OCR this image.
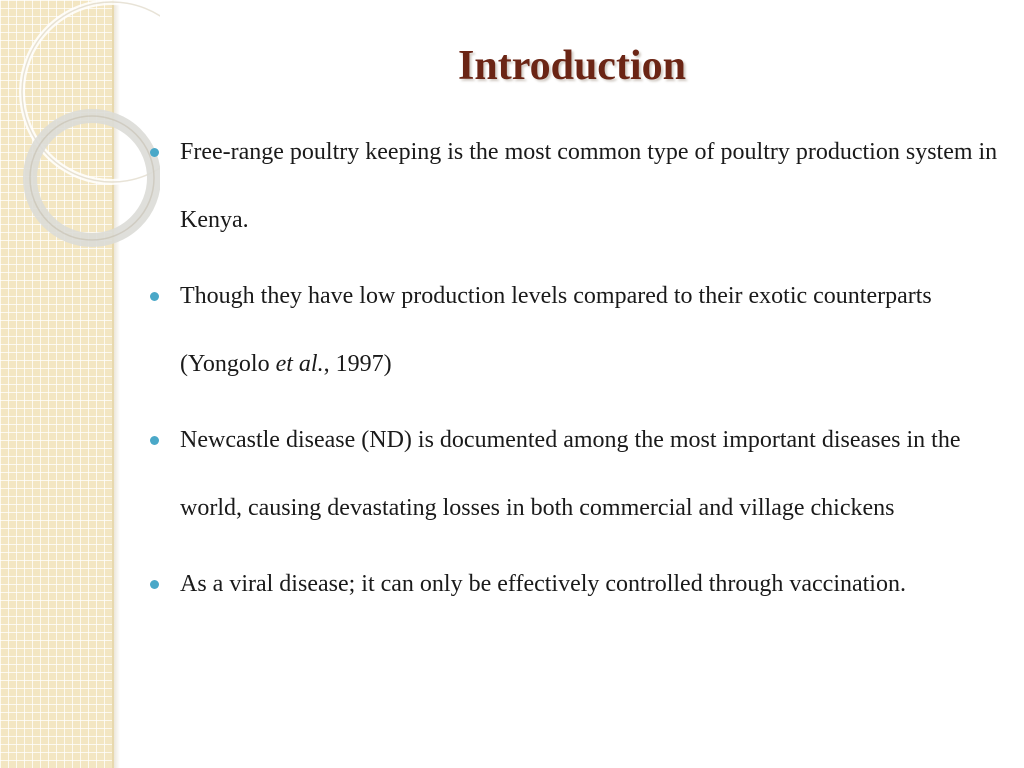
Introduction
Free-range poultry keeping is the most common type of poultry production system in Kenya.
Though they have low production levels compared to their exotic counterparts (Yongolo et al., 1997)
Newcastle disease (ND) is documented among the most important diseases in the world, causing devastating losses in both commercial and village chickens
As a viral disease; it can only be effectively controlled through vaccination.
